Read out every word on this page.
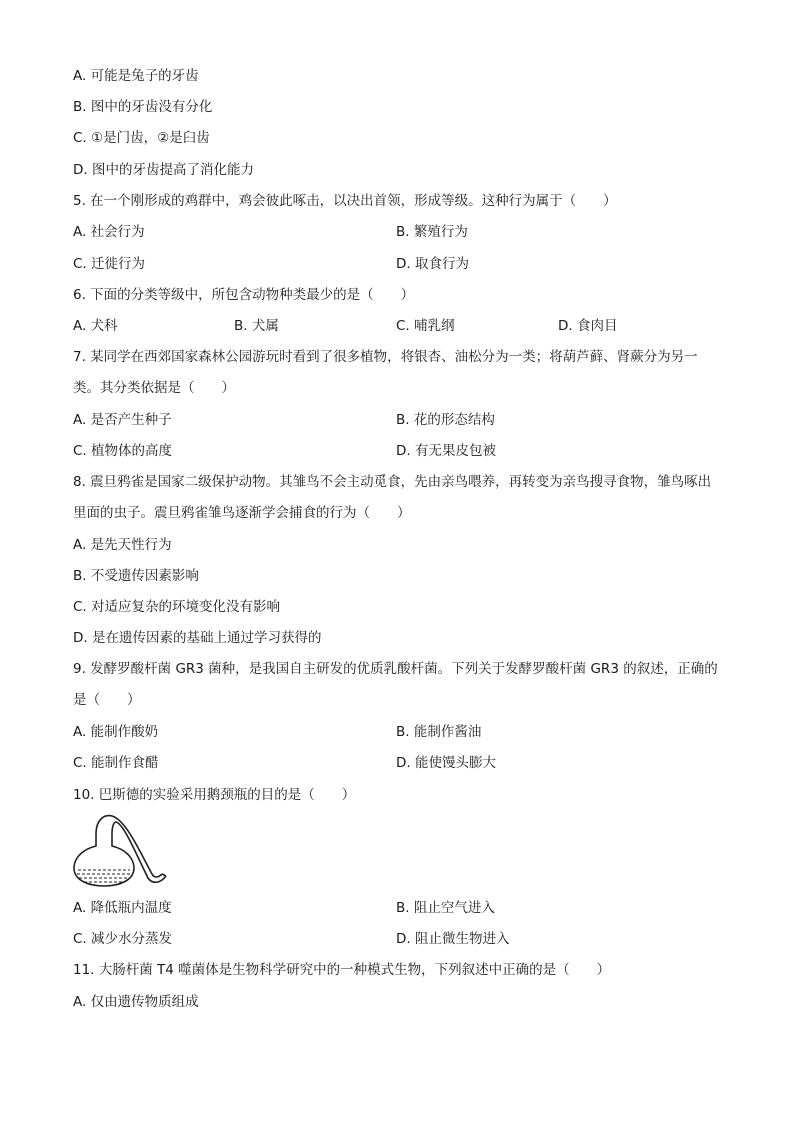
A. 可能是兔子的牙齿
B. 图中的牙齿没有分化
C. ①是门齿，②是臼齿
D. 图中的牙齿提高了消化能力
5. 在一个刚形成的鸡群中，鸡会彼此啄击，以决出首领，形成等级。这种行为属于（　　）
A. 社会行为	B. 繁殖行为
C. 迁徙行为	D. 取食行为
6. 下面的分类等级中，所包含动物种类最少的是（　　）
A. 犬科	B. 犬属	C. 哺乳纲	D. 食肉目
7. 某同学在西郊国家森林公园游玩时看到了很多植物，将银杏、油松分为一类；将葫芦藓、肾蕨分为另一类。其分类依据是（　　）
A. 是否产生种子	B. 花的形态结构
C. 植物体的高度	D. 有无果皮包被
8. 震旦鸦雀是国家二级保护动物。其雏鸟不会主动觅食，先由亲鸟喂养，再转变为亲鸟搜寻食物，雏鸟啄出里面的虫子。震旦鸦雀雏鸟逐渐学会捕食的行为（　　）
A. 是先天性行为
B. 不受遗传因素影响
C. 对适应复杂的环境变化没有影响
D. 是在遗传因素的基础上通过学习获得的
9. 发酵罗酸杆菌 GR3 菌种，是我国自主研发的优质乳酸杆菌。下列关于发酵罗酸杆菌 GR3 的叙述，正确的是（　　）
A. 能制作酸奶	B. 能制作酱油
C. 能制作食醋	D. 能使馒头膨大
10. 巴斯德的实验采用鹅颈瓶的目的是（　　）
A. 降低瓶内温度	B. 阻止空气进入
C. 减少水分蒸发	D. 阻止微生物进入
11. 大肠杆菌 T4 噬菌体是生物科学研究中的一种模式生物，下列叙述中正确的是（　　）
A. 仅由遗传物质组成
